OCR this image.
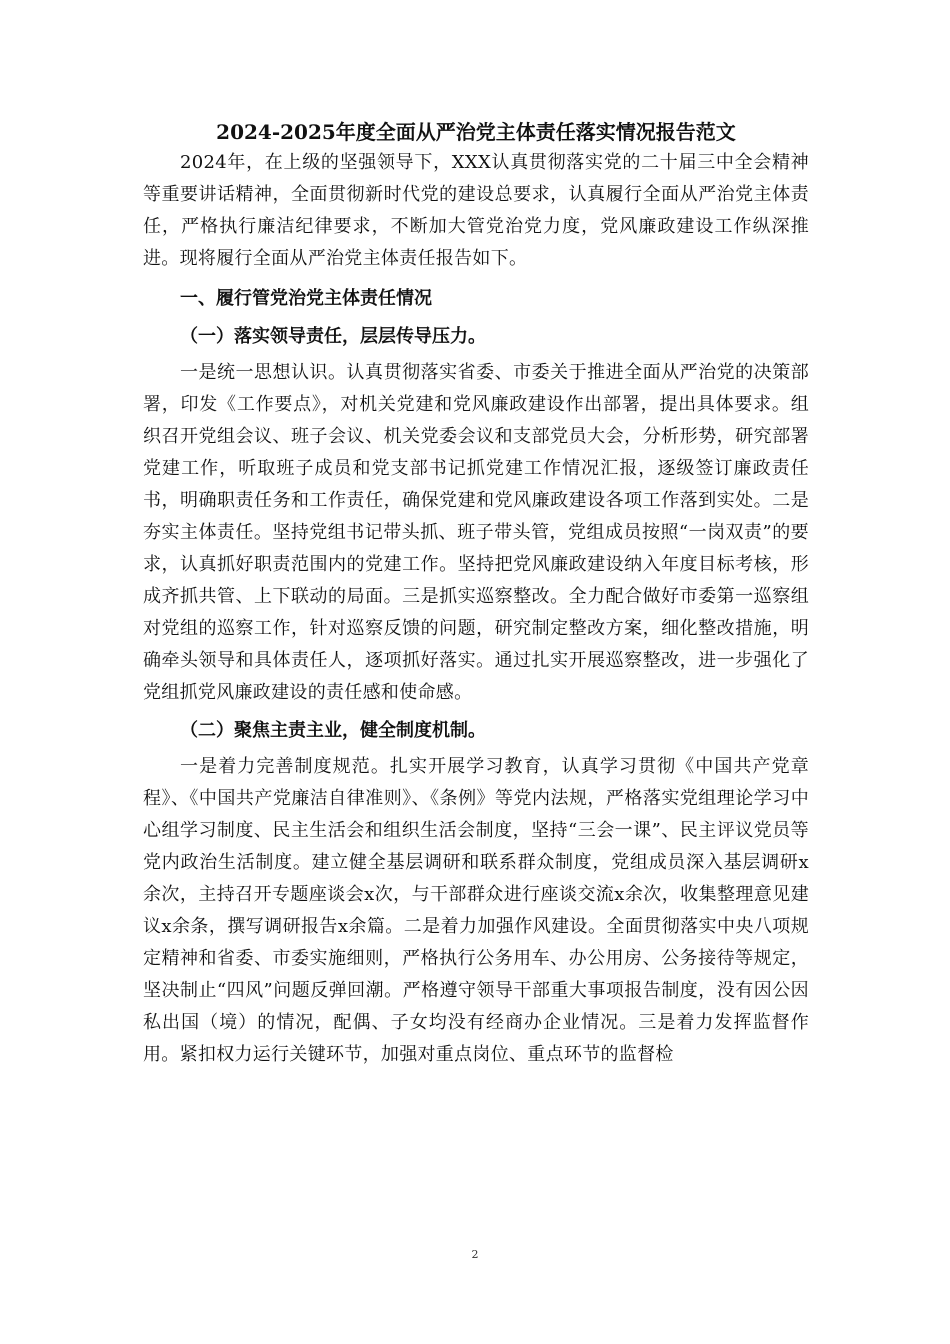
2024-2025年度全面从严治党主体责任落实情况报告范文

2024年，在上级的坚强领导下，XXX认真贯彻落实党的二十届三中全会精神等重要讲话精神，全面贯彻新时代党的建设总要求，认真履行全面从严治党主体责任，严格执行廉洁纪律要求，不断加大管党治党力度，党风廉政建设工作纵深推进。现将履行全面从严治党主体责任报告如下。

一、履行管党治党主体责任情况

（一）落实领导责任，层层传导压力。

一是统一思想认识。认真贯彻落实省委、市委关于推进全面从严治党的决策部署，印发《工作要点》，对机关党建和党风廉政建设作出部署，提出具体要求。组织召开党组会议、班子会议、机关党委会议和支部党员大会，分析形势，研究部署党建工作，听取班子成员和党支部书记抓党建工作情况汇报，逐级签订廉政责任书，明确职责任务和工作责任，确保党建和党风廉政建设各项工作落到实处。二是夯实主体责任。坚持党组书记带头抓、班子带头管，党组成员按照“一岗双责”的要求，认真抓好职责范围内的党建工作。坚持把党风廉政建设纳入年度目标考核，形成齐抓共管、上下联动的局面。三是抓实巡察整改。全力配合做好市委第一巡察组对党组的巡察工作，针对巡察反馈的问题，研究制定整改方案，细化整改措施，明确牵头领导和具体责任人，逐项抓好落实。通过扎实开展巡察整改，进一步强化了党组抓党风廉政建设的责任感和使命感。

（二）聚焦主责主业，健全制度机制。

一是着力完善制度规范。扎实开展学习教育，认真学习贯彻《中国共产党章程》、《中国共产党廉洁自律准则》、《条例》等党内法规，严格落实党组理论学习中心组学习制度、民主生活会和组织生活会制度，坚持“三会一课”、民主评议党员等党内政治生活制度。建立健全基层调研和联系群众制度，党组成员深入基层调研x余次，主持召开专题座谈会x次，与干部群众进行座谈交流x余次，收集整理意见建议x余条，撰写调研报告x余篇。二是着力加强作风建设。全面贯彻落实中央八项规定精神和省委、市委实施细则，严格执行公务用车、办公用房、公务接待等规定，坚决制止“四风”问题反弹回潮。严格遵守领导干部重大事项报告制度，没有因公因私出国（境）的情况，配偶、子女均没有经商办企业情况。三是着力发挥监督作用。紧扣权力运行关键环节，加强对重点岗位、重点环节的监督检

2
